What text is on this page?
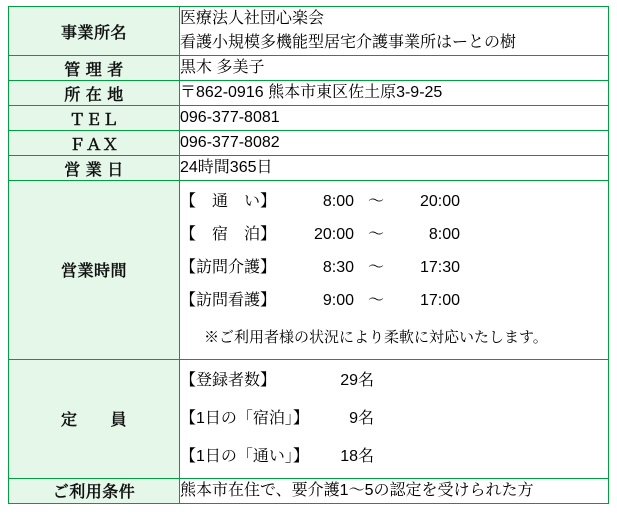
事業所名	医療法人社団心楽会
看護小規模多機能型居宅介護事業所はーとの樹

管 理 者	黒木 多美子
所 在 地	〒862-0916 熊本市東区佐土原3-9-25
ＴＥＬ	096-377-8081
ＦＡＸ	096-377-8082
営 業 日	24時間365日
営業時間	
【通い】	8:00 ～	20:00
【宿泊】	20:00 ～	8:00
【訪問介護】	8:30 ～	17:30
【訪問看護】	9:00 ～	17:00
※ご利用者様の状況により柔軟に対応いたします。

定　　員	
【登録者数】	29名
【1日の「宿泊」】	9名
【1日の「通い」】	18名

ご利用条件	熊本市在住で、要介護1～5の認定を受けられた方
